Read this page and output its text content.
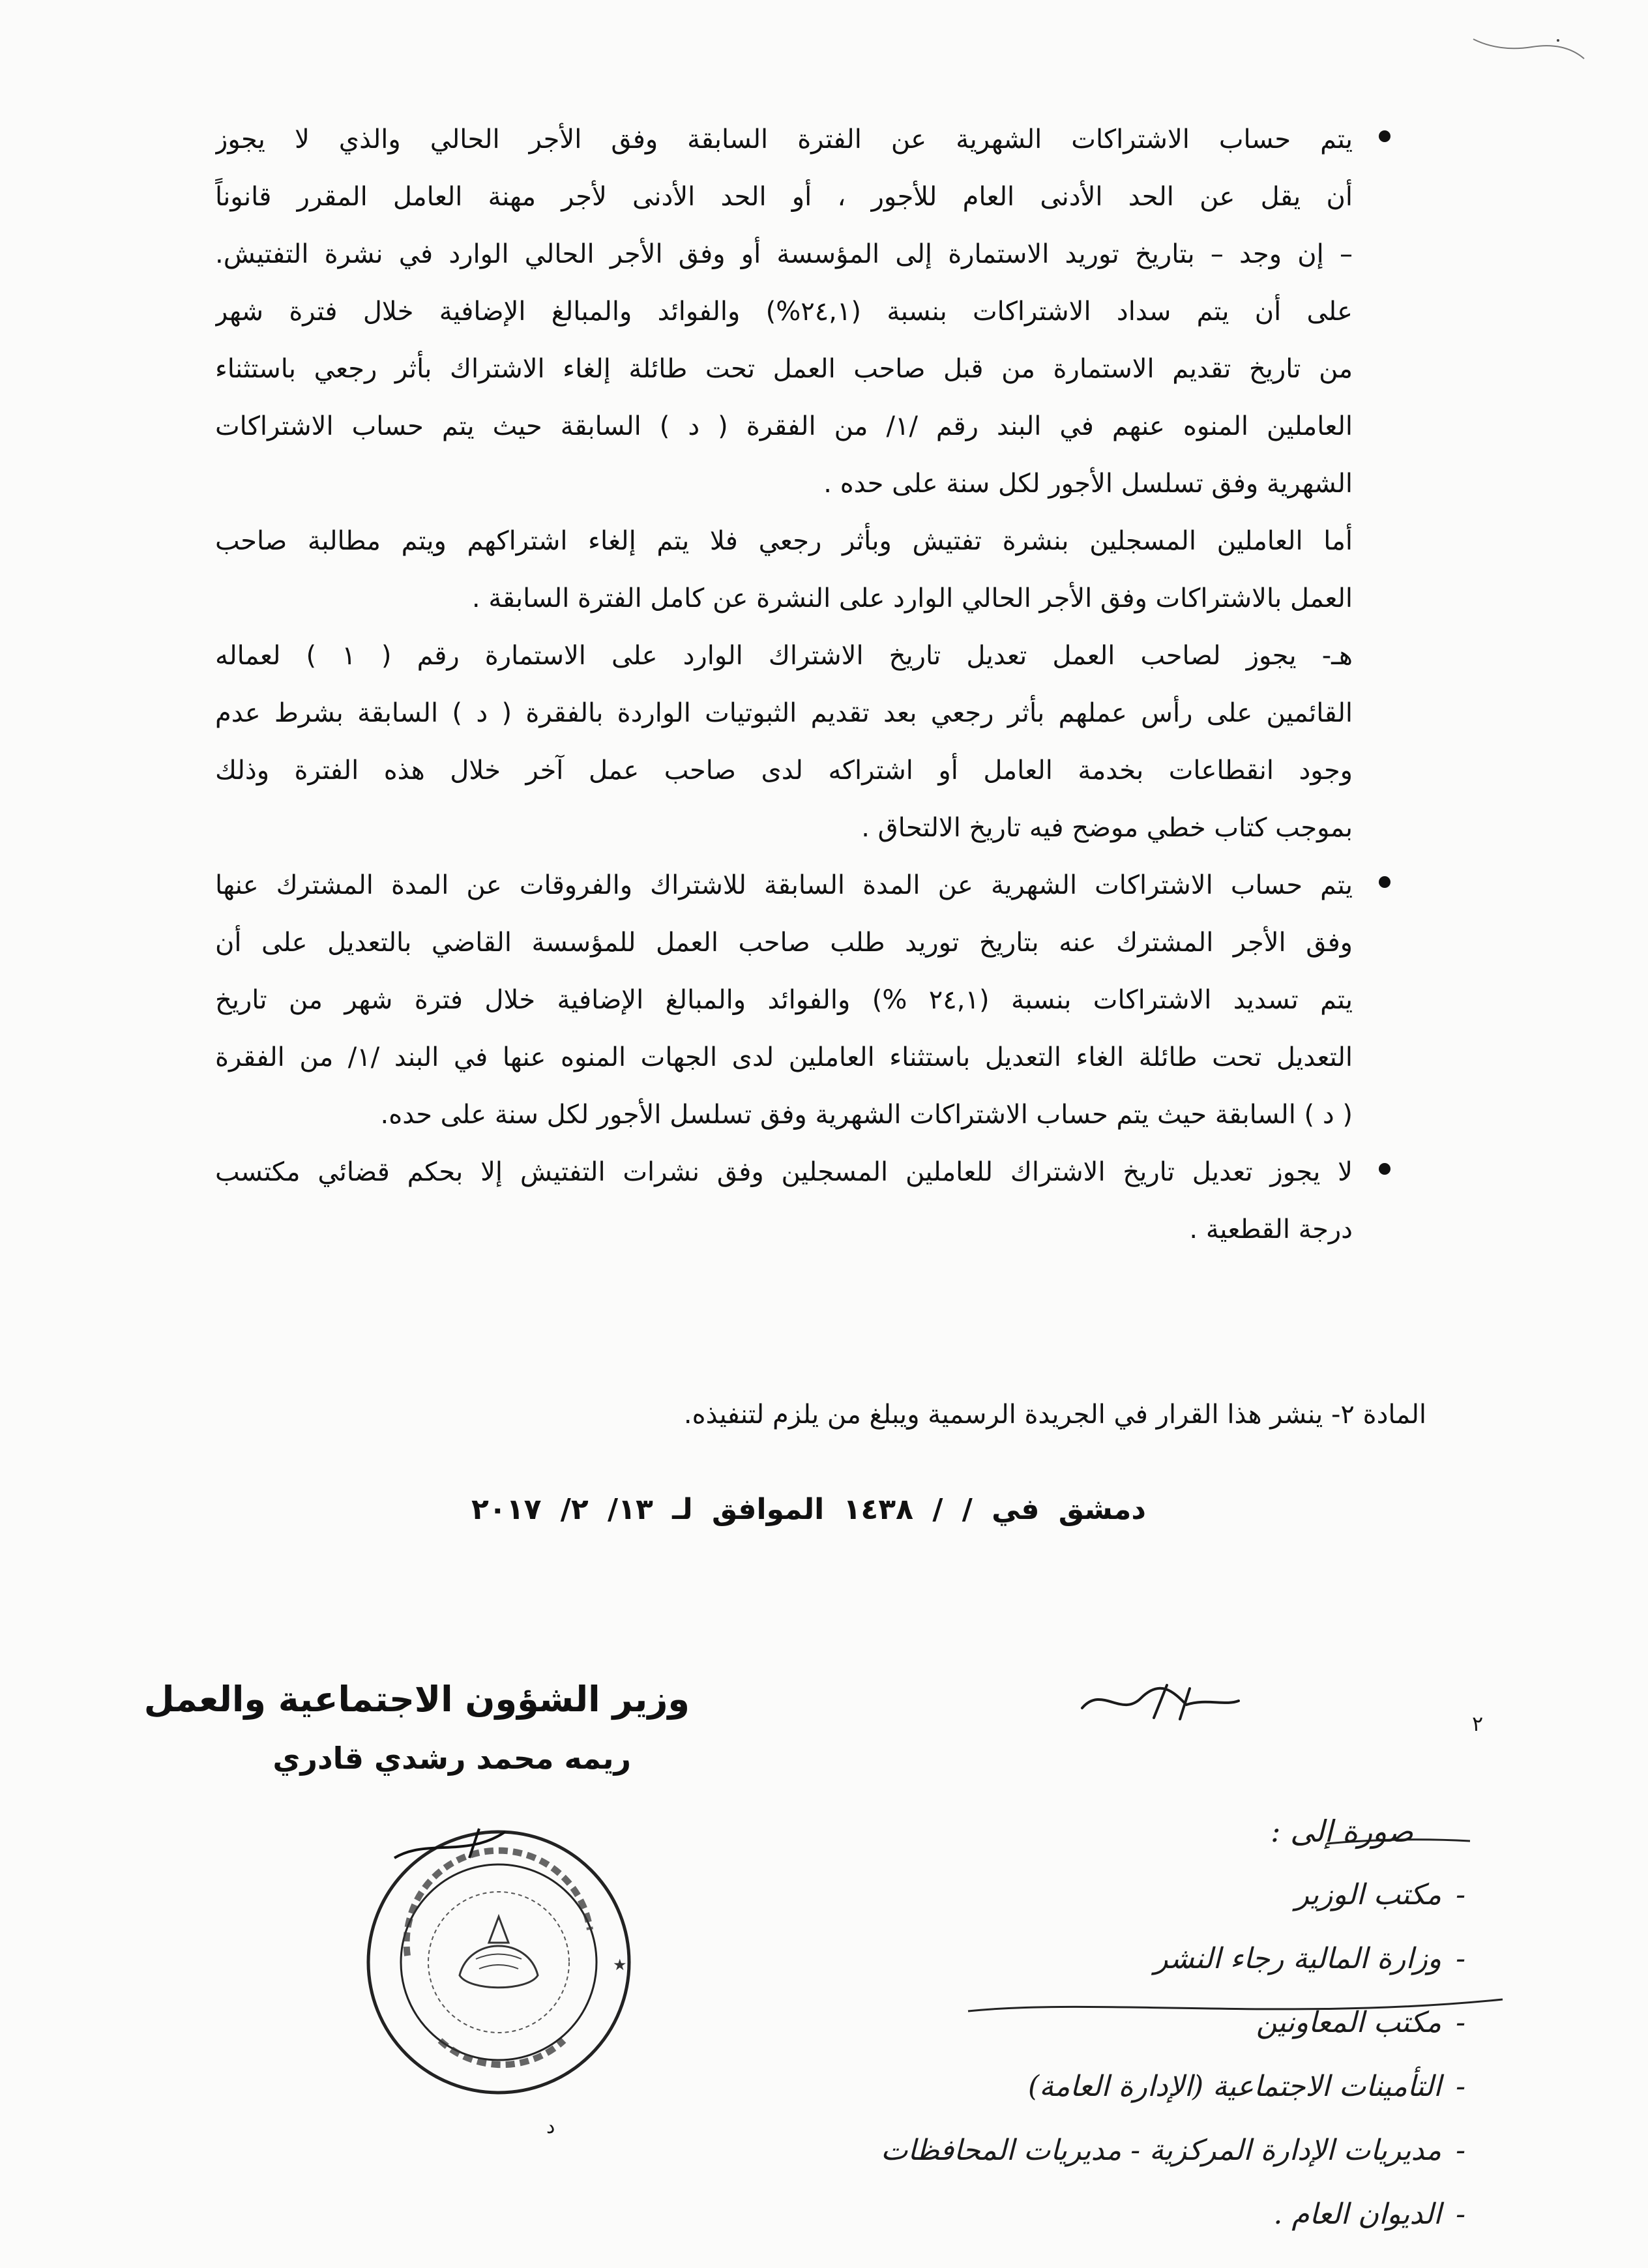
يتم حساب الاشتراكات الشهرية عن الفترة السابقة وفق الأجر الحالي والذي لا يجوز
أن يقل عن الحد الأدنى العام للأجور ، أو الحد الأدنى لأجر مهنة العامل المقرر قانوناً
– إن وجد – بتاريخ توريد الاستمارة إلى المؤسسة أو وفق الأجر الحالي الوارد في نشرة التفتيش.
على أن يتم سداد الاشتراكات بنسبة (٢٤,١%) والفوائد والمبالغ الإضافية خلال فترة شهر
من تاريخ تقديم الاستمارة من قبل صاحب العمل تحت طائلة إلغاء الاشتراك بأثر رجعي باستثناء
العاملين المنوه عنهم في البند رقم /١/ من الفقرة ( د ) السابقة حيث يتم حساب الاشتراكات
الشهرية وفق تسلسل الأجور لكل سنة على حده .
أما العاملين المسجلين بنشرة تفتيش وبأثر رجعي فلا يتم إلغاء اشتراكهم ويتم مطالبة صاحب
العمل بالاشتراكات وفق الأجر الحالي الوارد على النشرة عن كامل الفترة السابقة .
هـ- يجوز لصاحب العمل تعديل تاريخ الاشتراك الوارد على الاستمارة رقم ( ١ ) لعماله
القائمين على رأس عملهم بأثر رجعي بعد تقديم الثبوتيات الواردة بالفقرة ( د ) السابقة بشرط عدم
وجود انقطاعات بخدمة العامل أو اشتراكه لدى صاحب عمل آخر خلال هذه الفترة وذلك
بموجب كتاب خطي موضح فيه تاريخ الالتحاق .
يتم حساب الاشتراكات الشهرية عن المدة السابقة للاشتراك والفروقات عن المدة المشترك عنها
وفق الأجر المشترك عنه بتاريخ توريد طلب صاحب العمل للمؤسسة القاضي بالتعديل على أن
يتم تسديد الاشتراكات بنسبة (٢٤,١ %) والفوائد والمبالغ الإضافية خلال فترة شهر من تاريخ
التعديل تحت طائلة الغاء التعديل باستثناء العاملين لدى الجهات المنوه عنها في البند /١/ من الفقرة
( د ) السابقة حيث يتم حساب الاشتراكات الشهرية وفق تسلسل الأجور لكل سنة على حده.
لا يجوز تعديل تاريخ الاشتراك للعاملين المسجلين وفق نشرات التفتيش إلا بحكم قضائي مكتسب
درجة القطعية .
المادة ٢- ينشر هذا القرار في الجريدة الرسمية ويبلغ من يلزم لتنفيذه.
دمشق في / / ١٤٣٨ الموافق لـ ١٣/ ٢/ ٢٠١٧
وزير الشؤون الاجتماعية والعمل
ريمه محمد رشدي قادري
٢
★
د
صورة إلى :
-مكتب الوزير
-وزارة المالية رجاء النشر
-مكتب المعاونين
-التأمينات الاجتماعية (الإدارة العامة)
-مديريات الإدارة المركزية - مديريات المحافظات
-الديوان العام .
